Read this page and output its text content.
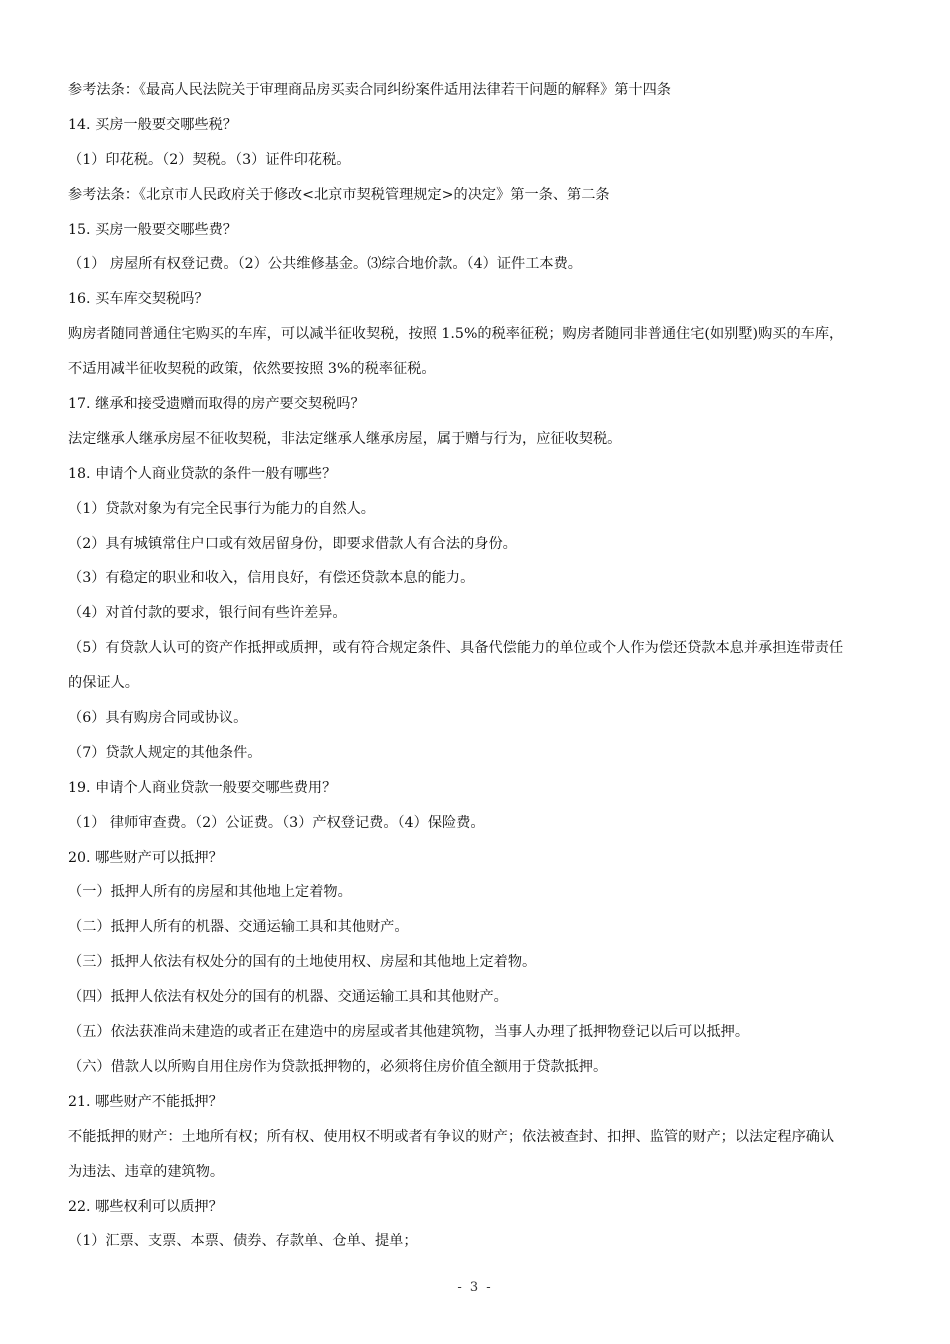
参考法条：《最高人民法院关于审理商品房买卖合同纠纷案件适用法律若干问题的解释》第十四条
14. 买房一般要交哪些税？
（1）印花税。（2）契税。（3）证件印花税。
参考法条：《北京市人民政府关于修改<北京市契税管理规定>的决定》第一条、第二条
15. 买房一般要交哪些费？
（1） 房屋所有权登记费。（2）公共维修基金。⑶综合地价款。（4）证件工本费。
16. 买车库交契税吗？
购房者随同普通住宅购买的车库，可以减半征收契税，按照 1.5%的税率征税；购房者随同非普通住宅(如别墅)购买的车库，
不适用减半征收契税的政策，依然要按照 3%的税率征税。
17. 继承和接受遗赠而取得的房产要交契税吗？
法定继承人继承房屋不征收契税，非法定继承人继承房屋，属于赠与行为，应征收契税。
18. 申请个人商业贷款的条件一般有哪些？
（1）贷款对象为有完全民事行为能力的自然人。
（2）具有城镇常住户口或有效居留身份，即要求借款人有合法的身份。
（3）有稳定的职业和收入，信用良好，有偿还贷款本息的能力。
（4）对首付款的要求，银行间有些许差异。
（5）有贷款人认可的资产作抵押或质押，或有符合规定条件、具备代偿能力的单位或个人作为偿还贷款本息并承担连带责任
的保证人。
（6）具有购房合同或协议。
（7）贷款人规定的其他条件。
19. 申请个人商业贷款一般要交哪些费用？
（1） 律师审查费。（2）公证费。（3）产权登记费。（4）保险费。
20. 哪些财产可以抵押？
（一）抵押人所有的房屋和其他地上定着物。
（二）抵押人所有的机器、交通运输工具和其他财产。
（三）抵押人依法有权处分的国有的土地使用权、房屋和其他地上定着物。
（四）抵押人依法有权处分的国有的机器、交通运输工具和其他财产。
（五）依法获准尚未建造的或者正在建造中的房屋或者其他建筑物，当事人办理了抵押物登记以后可以抵押。
（六）借款人以所购自用住房作为贷款抵押物的，必须将住房价值全额用于贷款抵押。
21. 哪些财产不能抵押？
不能抵押的财产：土地所有权；所有权、使用权不明或者有争议的财产；依法被查封、扣押、监管的财产；以法定程序确认
为违法、违章的建筑物。
22. 哪些权利可以质押？
（1）汇票、支票、本票、债券、存款单、仓单、提单；
- 3 -
